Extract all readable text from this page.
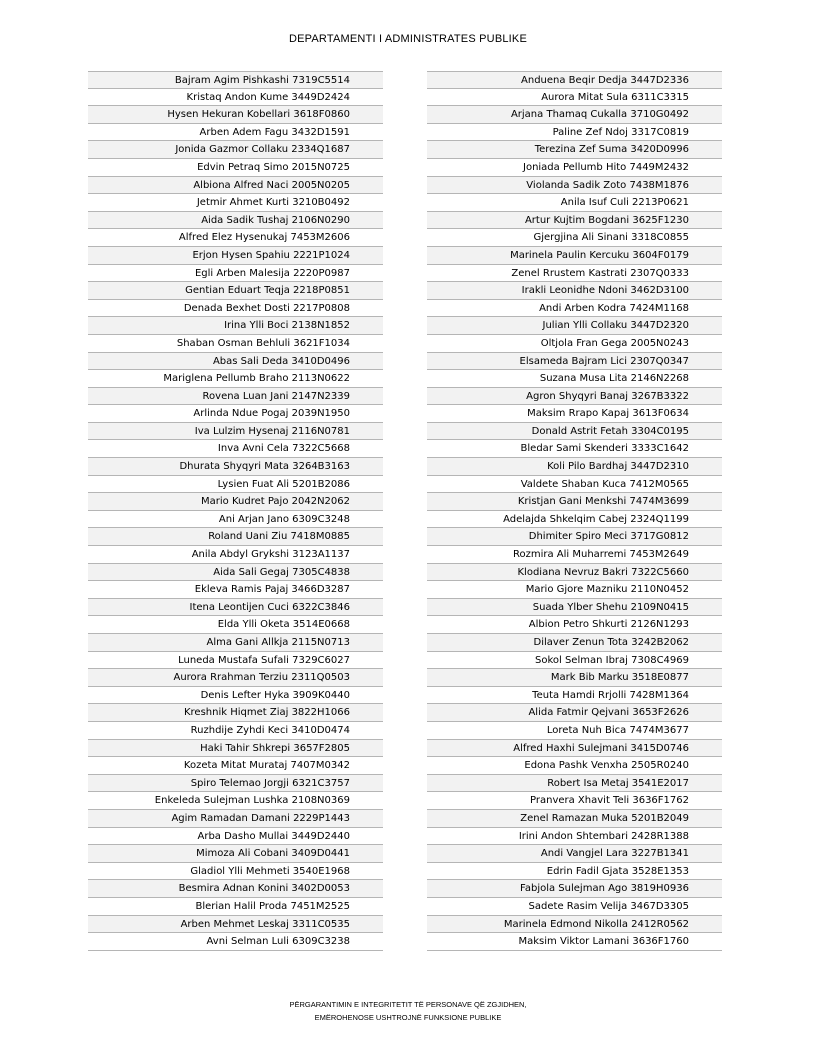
DEPARTAMENTI I ADMINISTRATES PUBLIKE
Bajram Agim Pishkashi 7319C5514
Kristaq Andon Kume 3449D2424
Hysen Hekuran Kobellari 3618F0860
Arben Adem Fagu 3432D1591
Jonida Gazmor Collaku 2334Q1687
Edvin Petraq Simo 2015N0725
Albiona Alfred Naci 2005N0205
Jetmir Ahmet Kurti 3210B0492
Aida Sadik Tushaj 2106N0290
Alfred Elez Hysenukaj 7453M2606
Erjon Hysen Spahiu 2221P1024
Egli Arben Malesija 2220P0987
Gentian Eduart Teqja 2218P0851
Denada Bexhet Dosti 2217P0808
Irina Ylli Boci 2138N1852
Shaban Osman Behluli 3621F1034
Abas Sali Deda 3410D0496
Mariglena Pellumb Braho 2113N0622
Rovena Luan Jani 2147N2339
Arlinda Ndue Pogaj 2039N1950
Iva Lulzim Hysenaj 2116N0781
Inva Avni Cela 7322C5668
Dhurata Shyqyri Mata 3264B3163
Lysien Fuat Ali 5201B2086
Mario Kudret Pajo 2042N2062
Ani Arjan Jano 6309C3248
Roland Uani Ziu 7418M0885
Anila Abdyl Grykshi 3123A1137
Aida Sali Gegaj 7305C4838
Ekleva Ramis Pajaj 3466D3287
Itena Leontijen Cuci 6322C3846
Elda Ylli Oketa 3514E0668
Alma Gani Allkja 2115N0713
Luneda Mustafa Sufali 7329C6027
Aurora Rrahman Terziu 2311Q0503
Denis Lefter Hyka 3909K0440
Kreshnik Hiqmet Ziaj 3822H1066
Ruzhdije Zyhdi Keci 3410D0474
Haki Tahir Shkrepi 3657F2805
Kozeta Mitat Murataj 7407M0342
Spiro Telemao Jorgji 6321C3757
Enkeleda Sulejman Lushka 2108N0369
Agim Ramadan Damani 2229P1443
Arba Dasho Mullai 3449D2440
Mimoza Ali Cobani 3409D0441
Gladiol Ylli Mehmeti 3540E1968
Besmira Adnan Konini 3402D0053
Blerian Halil Proda 7451M2525
Arben Mehmet Leskaj 3311C0535
Avni Selman Luli 6309C3238
Anduena Beqir Dedja 3447D2336
Aurora Mitat Sula 6311C3315
Arjana Thamaq Cukalla 3710G0492
Paline Zef Ndoj 3317C0819
Terezina Zef Suma 3420D0996
Joniada Pellumb Hito 7449M2432
Violanda Sadik Zoto 7438M1876
Anila Isuf Culi 2213P0621
Artur Kujtim Bogdani 3625F1230
Gjergjina Ali Sinani 3318C0855
Marinela Paulin Kercuku 3604F0179
Zenel Rrustem Kastrati 2307Q0333
Irakli Leonidhe Ndoni 3462D3100
Andi Arben Kodra 7424M1168
Julian Ylli Collaku 3447D2320
Oltjola Fran Gega 2005N0243
Elsameda Bajram Lici 2307Q0347
Suzana Musa Lita 2146N2268
Agron Shyqyri Banaj 3267B3322
Maksim Rrapo Kapaj 3613F0634
Donald Astrit Fetah 3304C0195
Bledar Sami Skenderi 3333C1642
Koli Pilo Bardhaj 3447D2310
Valdete Shaban Kuca 7412M0565
Kristjan Gani Menkshi 7474M3699
Adelajda Shkelqim Cabej 2324Q1199
Dhimiter Spiro Meci 3717G0812
Rozmira Ali Muharremi 7453M2649
Klodiana Nevruz Bakri 7322C5660
Mario Gjore Mazniku 2110N0452
Suada Ylber Shehu 2109N0415
Albion Petro Shkurti 2126N1293
Dilaver Zenun Tota 3242B2062
Sokol Selman Ibraj 7308C4969
Mark Bib Marku 3518E0877
Teuta Hamdi Rrjolli 7428M1364
Alida Fatmir Qejvani 3653F2626
Loreta Nuh Bica 7474M3677
Alfred Haxhi Sulejmani 3415D0746
Edona Pashk Venxha 2505R0240
Robert Isa Metaj 3541E2017
Pranvera Xhavit Teli 3636F1762
Zenel Ramazan Muka 5201B2049
Irini Andon Shtembari 2428R1388
Andi Vangjel Lara 3227B1341
Edrin Fadil Gjata 3528E1353
Fabjola Sulejman Ago 3819H0936
Sadete Rasim Velija 3467D3305
Marinela Edmond Nikolla 2412R0562
Maksim Viktor Lamani 3636F1760
PËRGARANTIMIN E INTEGRITETIT TË PERSONAVE QË ZGJIDHEN,
EMËROHENOSE USHTROJNË FUNKSIONE PUBLIKE
